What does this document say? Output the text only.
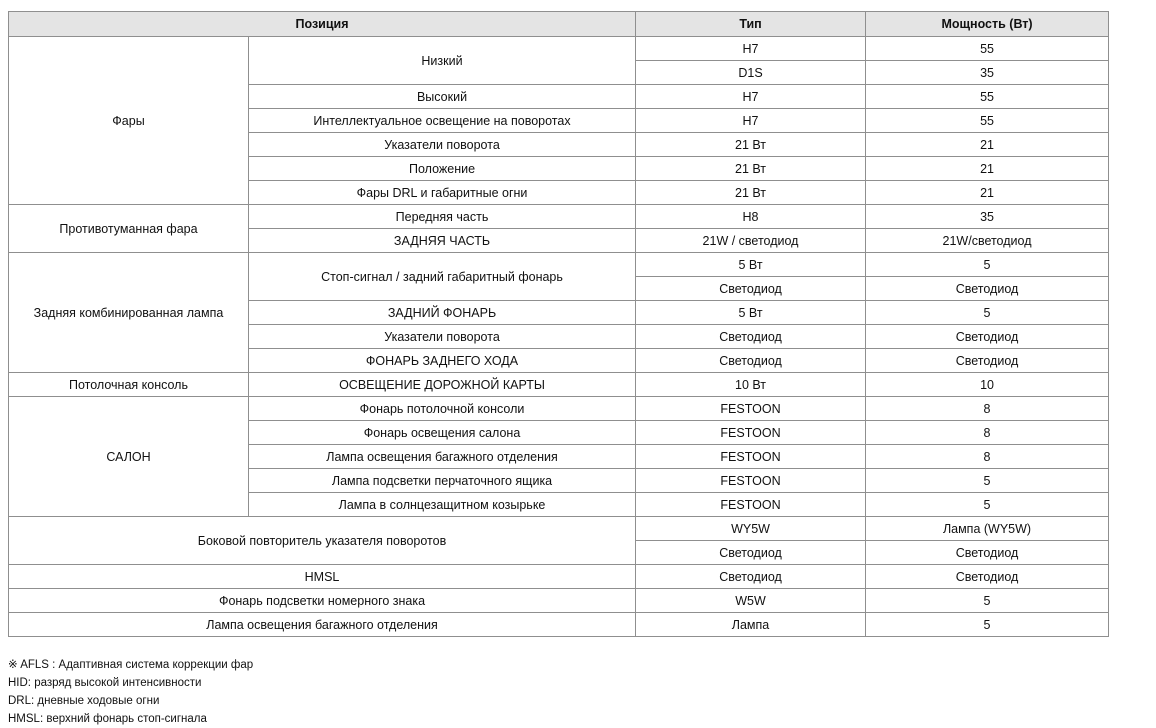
Позиция		Тип	Мощность (Вт)
Фары	Низкий	H7	55
		D1S	35
	Высокий	H7	55
	Интеллектуальное освещение на поворотах	H7	55
	Указатели поворота	21 Вт	21
	Положение	21 Вт	21
	Фары DRL и габаритные огни	21 Вт	21
Противотуманная фара	Передняя часть	H8	35
	ЗАДНЯЯ ЧАСТЬ	21W / светодиод	21W/светодиод
Задняя комбинированная лампа	Стоп-сигнал / задний габаритный фонарь	5 Вт	5
		Светодиод	Светодиод
	ЗАДНИЙ ФОНАРЬ	5 Вт	5
	Указатели поворота	Светодиод	Светодиод
	ФОНАРЬ ЗАДНЕГО ХОДА	Светодиод	Светодиод
Потолочная консоль	ОСВЕЩЕНИЕ ДОРОЖНОЙ КАРТЫ	10 Вт	10
САЛОН	Фонарь потолочной консоли	FESTOON	8
	Фонарь освещения салона	FESTOON	8
	Лампа освещения багажного отделения	FESTOON	8
	Лампа подсветки перчаточного ящика	FESTOON	5
	Лампа в солнцезащитном козырьке	FESTOON	5
Боковой повторитель указателя поворотов		WY5W	Лампа (WY5W)
		Светодиод	Светодиод
HMSL		Светодиод	Светодиод
Фонарь подсветки номерного знака		W5W	5
Лампа освещения багажного отделения		Лампа	5
※ AFLS : Адаптивная система коррекции фар
HID: разряд высокой интенсивности
DRL: дневные ходовые огни
HMSL: верхний фонарь стоп-сигнала
